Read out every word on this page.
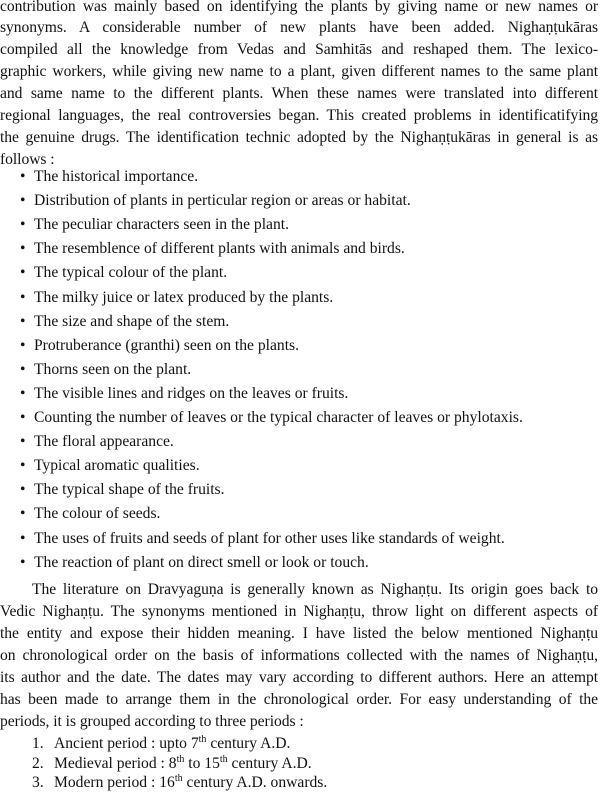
contribution was mainly based on identifying the plants by giving name or new names or
synonyms. A considerable number of new plants have been added. Nighaṇṭukāras
compiled all the knowledge from Vedas and Samhitās and reshaped them. The lexico-
graphic workers, while giving new name to a plant, given different names to the same plant
and same name to the different plants. When these names were translated into different
regional languages, the real controversies began. This created problems in identificatifying
the genuine drugs. The identification technic adopted by the Nighaṇṭukāras in general is as
follows :
• The historical importance.
• Distribution of plants in perticular region or areas or habitat.
• The peculiar characters seen in the plant.
• The resemblence of different plants with animals and birds.
• The typical colour of the plant.
• The milky juice or latex produced by the plants.
• The size and shape of the stem.
• Protruberance (granthi) seen on the plants.
• Thorns seen on the plant.
• The visible lines and ridges on the leaves or fruits.
• Counting the number of leaves or the typical character of leaves or phylotaxis.
• The floral appearance.
• Typical aromatic qualities.
• The typical shape of the fruits.
• The colour of seeds.
• The uses of fruits and seeds of plant for other uses like standards of weight.
• The reaction of plant on direct smell or look or touch.
The literature on Dravyaguṇa is generally known as Nighaṇṭu. Its origin goes back to
Vedic Nighaṇṭu. The synonyms mentioned in Nighaṇṭu, throw light on different aspects of
the entity and expose their hidden meaning. I have listed the below mentioned Nighaṇṭu
on chronological order on the basis of informations collected with the names of Nighaṇṭu,
its author and the date. The dates may vary according to different authors. Here an attempt
has been made to arrange them in the chronological order. For easy understanding of the
periods, it is grouped according to three periods :
1. Ancient period : upto 7th century A.D.
2. Medieval period : 8th to 15th century A.D.
3. Modern period : 16th century A.D. onwards.
